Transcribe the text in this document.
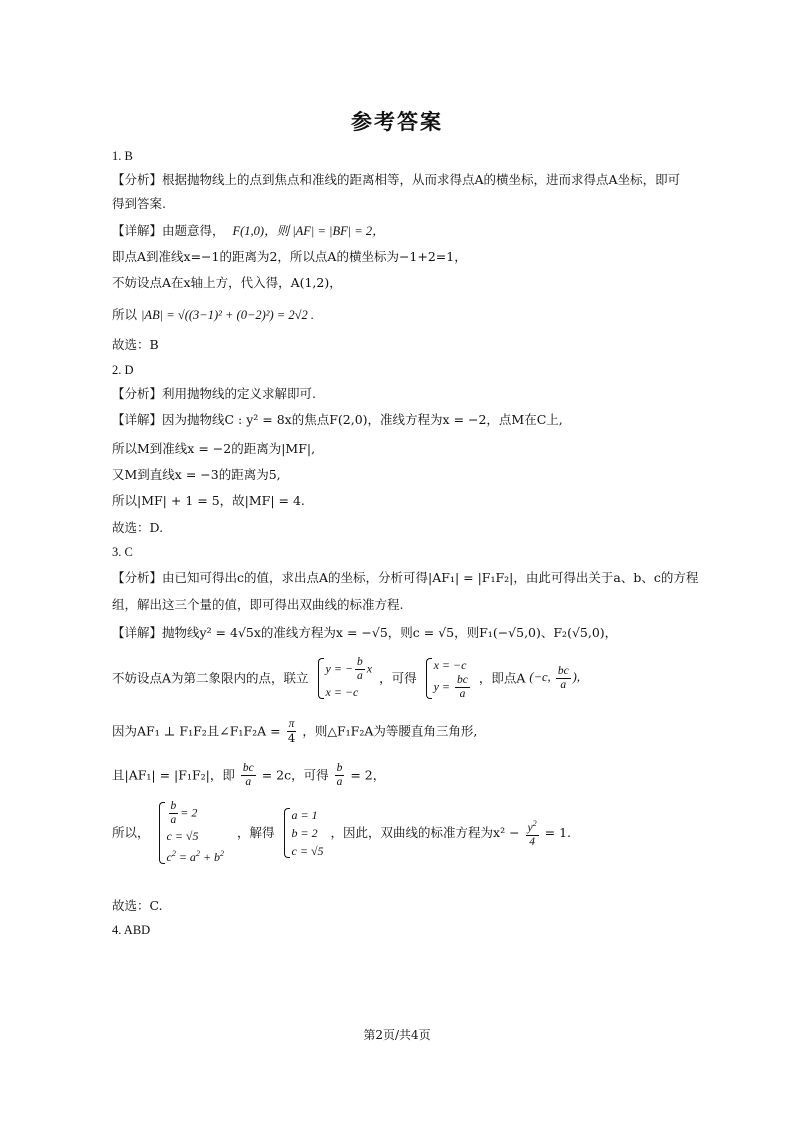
参考答案
1. B
【分析】根据抛物线上的点到焦点和准线的距离相等，从而求得点A的横坐标，进而求得点A坐标，即可
得到答案.
【详解】由题意得， F(1,0)，则 |AF| = |BF| = 2，
即点A到准线x=−1的距离为2，所以点A的横坐标为−1+2=1，
不妨设点A在x轴上方，代入得，A(1,2)，
所以 |AB| = √((3−1)² + (0−2)²) = 2√2 .
故选：B
2. D
【分析】利用抛物线的定义求解即可.
【详解】因为抛物线C : y² = 8x的焦点F(2,0)，准线方程为x = −2，点M在C上,
所以M到准线x = −2的距离为|MF|,
又M到直线x = −3的距离为5,
所以|MF| + 1 = 5，故|MF| = 4.
故选：D.
3. C
【分析】由已知可得出c的值，求出点A的坐标，分析可得|AF₁| = |F₁F₂|，由此可得出关于a、b、c的方程
组，解出这三个量的值，即可得出双曲线的标准方程.
【详解】抛物线y² = 4√5x的准线方程为x = −√5，则c = √5，则F₁(−√5,0)、F₂(√5,0)，
不妨设点A为第二象限内的点，联立
y = − $\frac{b}{a}$ x
x = −c
，可得
x = −c
$y = \frac{bc}{a}$ ，即点A (−c, $\frac{bc}{a}$ ),
因为AF₁ ⊥ F₁F₂且∠F₁F₂A = $\frac{\pi}{4}$ ，则△F₁F₂A为等腰直角三角形,
且|AF₁| = |F₁F₂|，即 $\frac{bc}{a} = 2c$，可得 $\frac{b}{a} = 2$，
所以，
$\frac{b}{a} = 2$
c = √5
$c^2 = a^2 + b^2$
，解得
a = 1
b = 2
c = √5
，因此，双曲线的标准方程为$x^2 - \frac{y^2}{4} = 1$.
故选：C.
4. ABD
第2页/共4页
